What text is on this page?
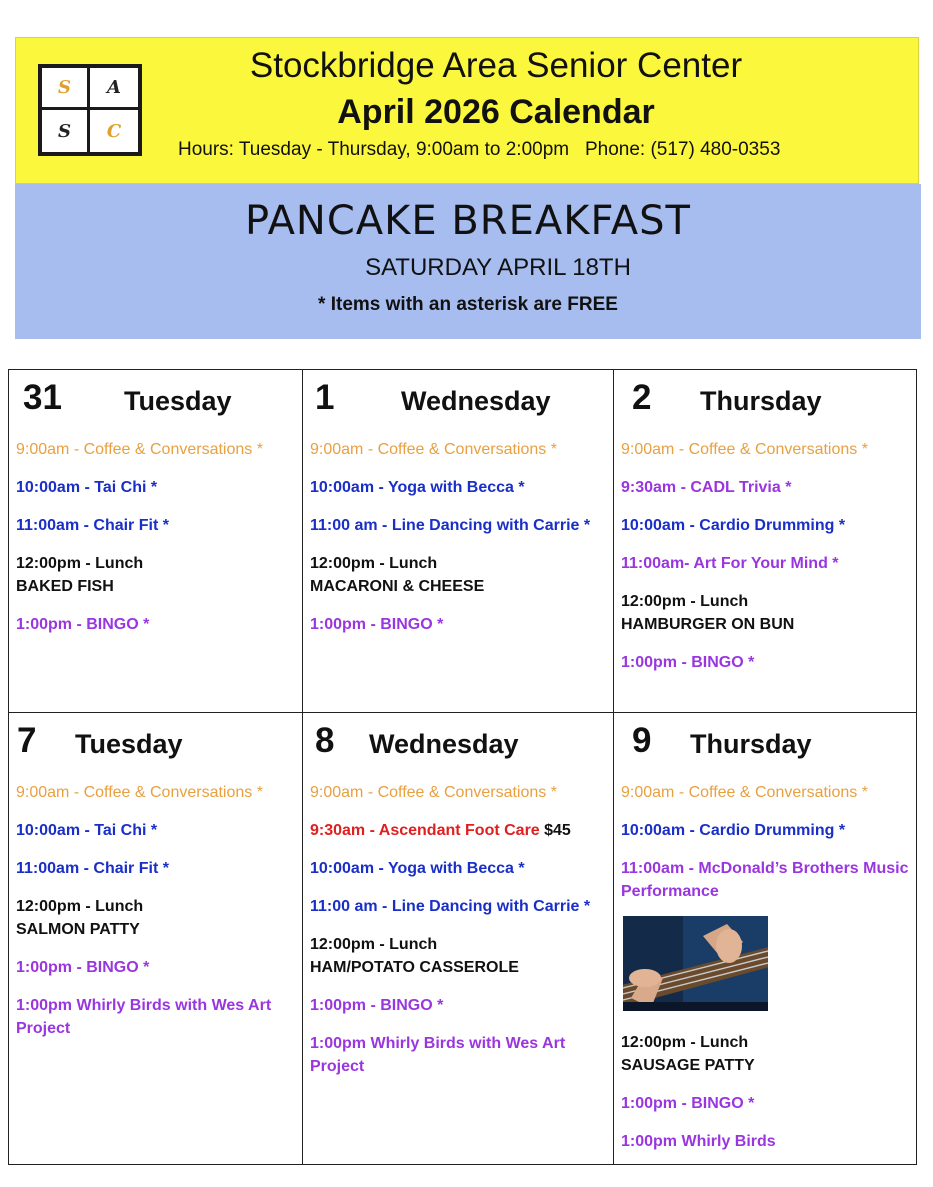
S	A
S	C
Stockbridge Area Senior Center
April 2026 Calendar
Hours: Tuesday - Thursday, 9:00am to 2:00pm Phone: (517) 480-0353
PANCAKE BREAKFAST
SATURDAY APRIL 18TH
* Items with an asterisk are FREE
31 Tuesday
9:00am - Coffee & Conversations *
10:00am - Tai Chi *
11:00am - Chair Fit *
12:00pm - Lunch
BAKED FISH
1:00pm - BINGO *
1 Wednesday
9:00am - Coffee & Conversations *
10:00am - Yoga with Becca *
11:00 am - Line Dancing with Carrie *
12:00pm - Lunch
MACARONI & CHEESE
1:00pm - BINGO *
2 Thursday
9:00am - Coffee & Conversations *
9:30am - CADL Trivia *
10:00am - Cardio Drumming *
11:00am- Art For Your Mind *
12:00pm - Lunch
HAMBURGER ON BUN
1:00pm - BINGO *
7 Tuesday
9:00am - Coffee & Conversations *
10:00am - Tai Chi *
11:00am - Chair Fit *
12:00pm - Lunch
SALMON PATTY
1:00pm - BINGO *
1:00pm Whirly Birds with Wes Art Project
8 Wednesday
9:00am - Coffee & Conversations *
9:30am - Ascendant Foot Care $45
10:00am - Yoga with Becca *
11:00 am - Line Dancing with Carrie *
12:00pm - Lunch
HAM/POTATO CASSEROLE
1:00pm - BINGO *
1:00pm Whirly Birds with Wes Art Project
9 Thursday
9:00am - Coffee & Conversations *
10:00am - Cardio Drumming *
11:00am - McDonald’s Brothers Music Performance
12:00pm - Lunch
SAUSAGE PATTY
1:00pm - BINGO *
1:00pm Whirly Birds
